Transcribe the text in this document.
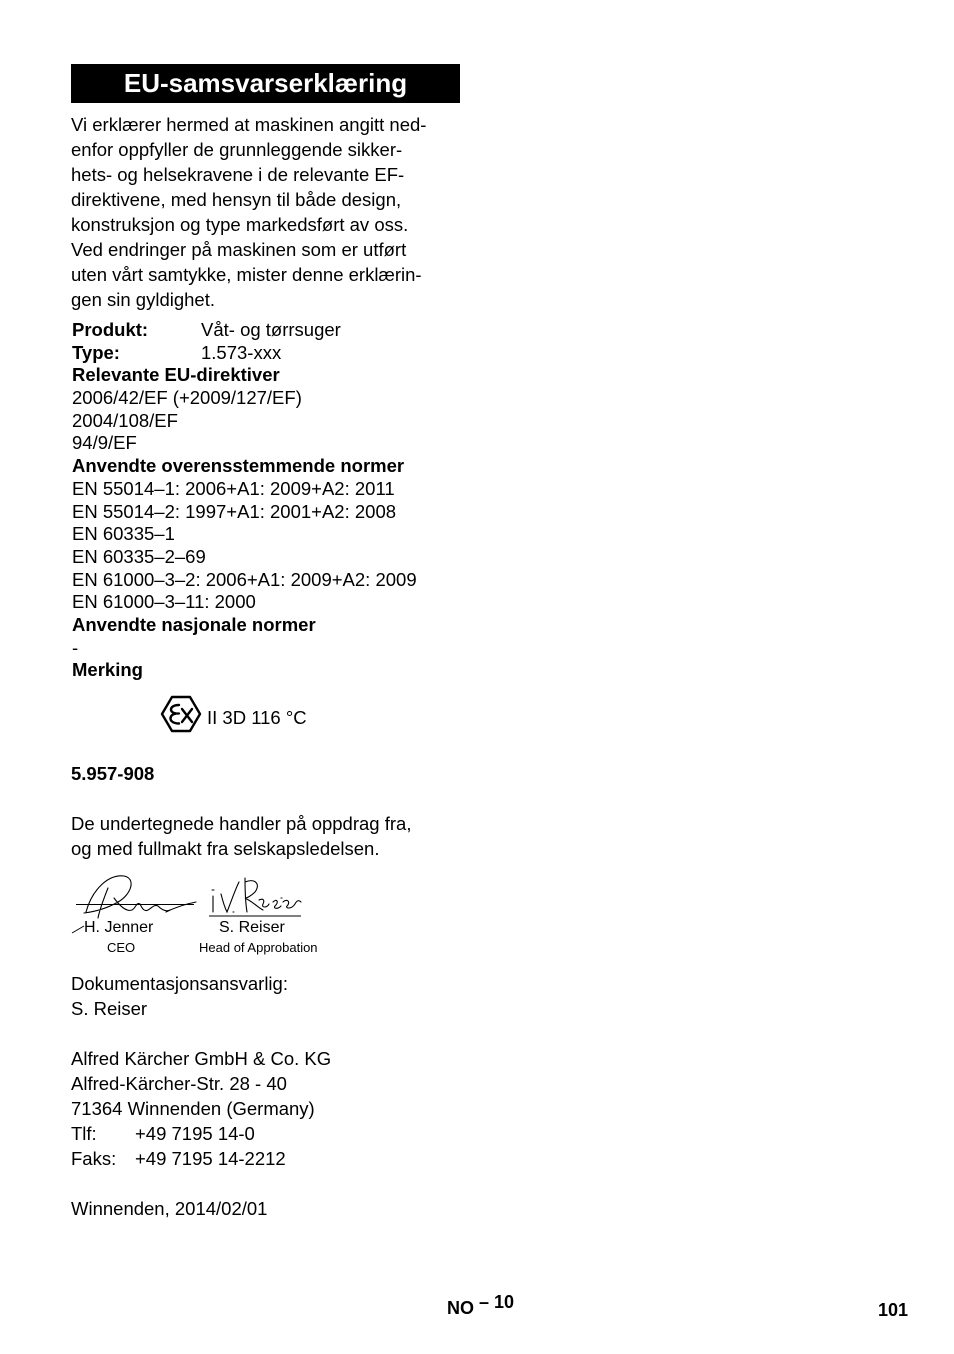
EU-samsvarserklæring
Vi erklærer hermed at maskinen angitt ned-
enfor oppfyller de grunnleggende sikker-
hets- og helsekravene i de relevante EF-
direktivene, med hensyn til både design,
konstruksjon og type markedsført av oss.
Ved endringer på maskinen som er utført
uten vårt samtykke, mister denne erklærin-
gen sin gyldighet.
Produkt:	Våt- og tørrsuger
Type:	1.573-xxx
Relevante EU-direktiver
2006/42/EF (+2009/127/EF)
2004/108/EF
94/9/EF
Anvendte overensstemmende normer
EN 55014–1: 2006+A1: 2009+A2: 2011
EN 55014–2: 1997+A1: 2001+A2: 2008
EN 60335–1
EN 60335–2–69
EN 61000–3–2: 2006+A1: 2009+A2: 2009
EN 61000–3–11: 2000
Anvendte nasjonale normer
-
Merking
II 3D 116 °C
5.957-908
De undertegnede handler på oppdrag fra,
og med fullmakt fra selskapsledelsen.
H. Jenner
CEO
S. Reiser
Head of Approbation
Dokumentasjonsansvarlig:
S. Reiser
Alfred Kärcher GmbH & Co. KG
Alfred-Kärcher-Str. 28 - 40
71364 Winnenden (Germany)
Tlf: +49 7195 14-0
Faks: +49 7195 14-2212
Winnenden, 2014/02/01
NO – 10	101
